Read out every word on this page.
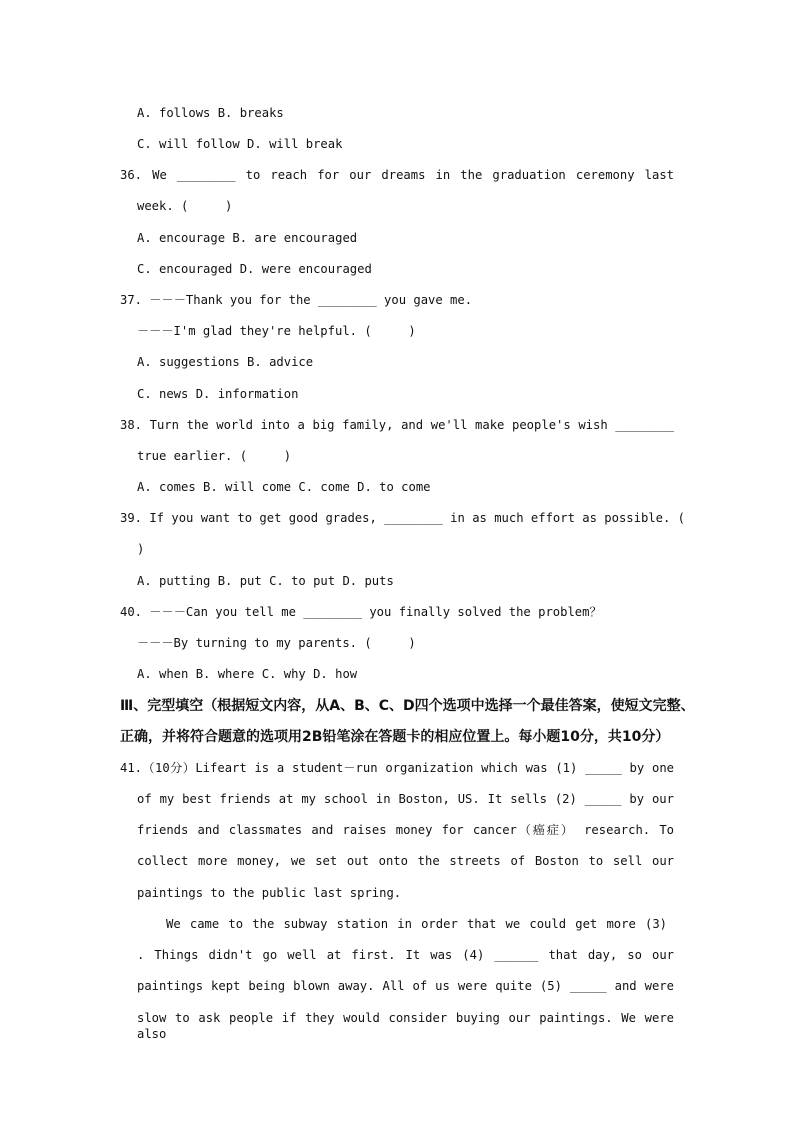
A. follows B. breaks
C. will follow D. will break
36. We ________ to reach for our dreams in the graduation ceremony last
week. (     )
A. encourage B. are encouraged
C. encouraged D. were encouraged
37. －－－Thank you for the ________ you gave me.
－－－I'm glad they're helpful. (     )
A. suggestions B. advice
C. news D. information
38. Turn the world into a big family, and we'll make people's wish ________
true earlier. (     )
A. comes B. will come C. come D. to come
39. If you want to get good grades, ________ in as much effort as possible. (
)
A. putting B. put C. to put D. puts
40. －－－Can you tell me ________ you finally solved the problem？
－－－By turning to my parents. (     )
A. when B. where C. why D. how
Ⅲ、完型填空（根据短文内容，从A、B、C、D四个选项中选择一个最佳答案，使短文完整、
正确，并将符合题意的选项用2B铅笔涂在答题卡的相应位置上。每小题10分，共10分）
41.（10分）Lifeart is a student－run organization which was (1) _____ by one
of my best friends at my school in Boston, US. It sells (2) _____ by our
friends and classmates and raises money for cancer（癌症） research. To
collect more money, we set out onto the streets of Boston to sell our
paintings to the public last spring.
We came to the subway station in order that we could get more (3)
. Things didn't go well at first. It was (4) ______ that day, so our
paintings kept being blown away. All of us were quite (5) _____ and were
slow to ask people if they would consider buying our paintings. We were also
